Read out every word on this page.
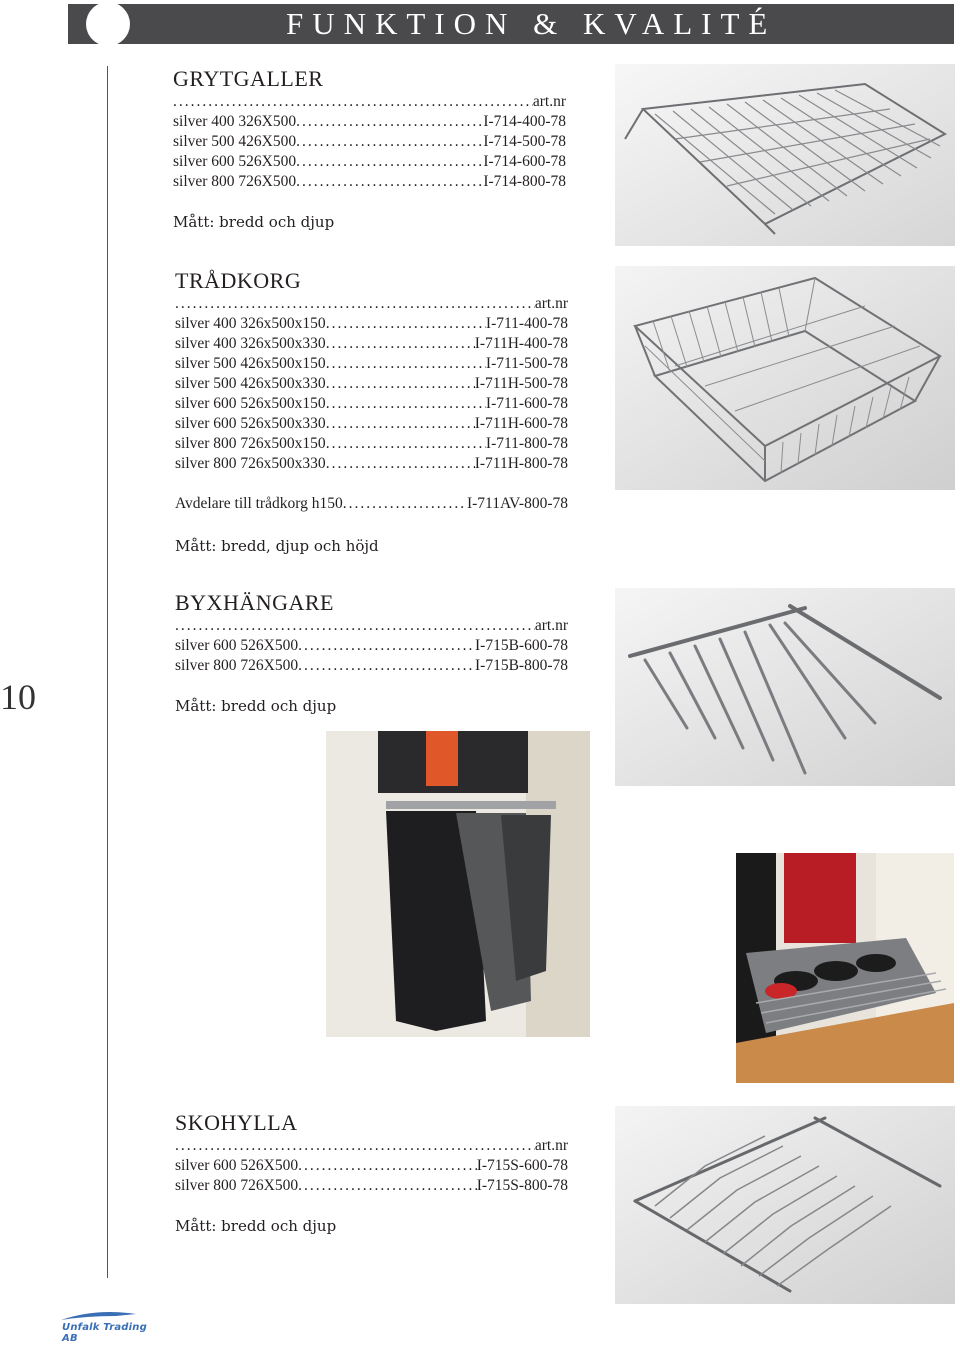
FUNKTION & KVALITÉ
10
GRYTGALLER
.....
art.nr
silver 400 326X500 .....	I-714-400-78
silver 500 426X500 .....	I-714-500-78
silver 600 526X500 .....	I-714-600-78
silver 800 726X500 .....	I-714-800-78
Mått: bredd och djup
TRÅDKORG
.....
art.nr
silver 400 326x500x150 .....	I-711-400-78
silver 400 326x500x330 .....	I-711H-400-78
silver 500 426x500x150 .....	I-711-500-78
silver 500 426x500x330 .....	I-711H-500-78
silver 600 526x500x150 .....	I-711-600-78
silver 600 526x500x330 .....	I-711H-600-78
silver 800 726x500x150 .....	I-711-800-78
silver 800 726x500x330 .....	I-711H-800-78
Avdelare till trådkorg h150 .....	I-711AV-800-78
Mått: bredd, djup och höjd
BYXHÄNGARE
.....
art.nr
silver 600 526X500 .....	I-715B-600-78
silver 800 726X500 .....	I-715B-800-78
Mått: bredd och djup
SKOHYLLA
.....
art.nr
silver 600 526X500 .....	I-715S-600-78
silver 800 726X500 .....	I-715S-800-78
Mått: bredd och djup
Unfalk Trading AB
